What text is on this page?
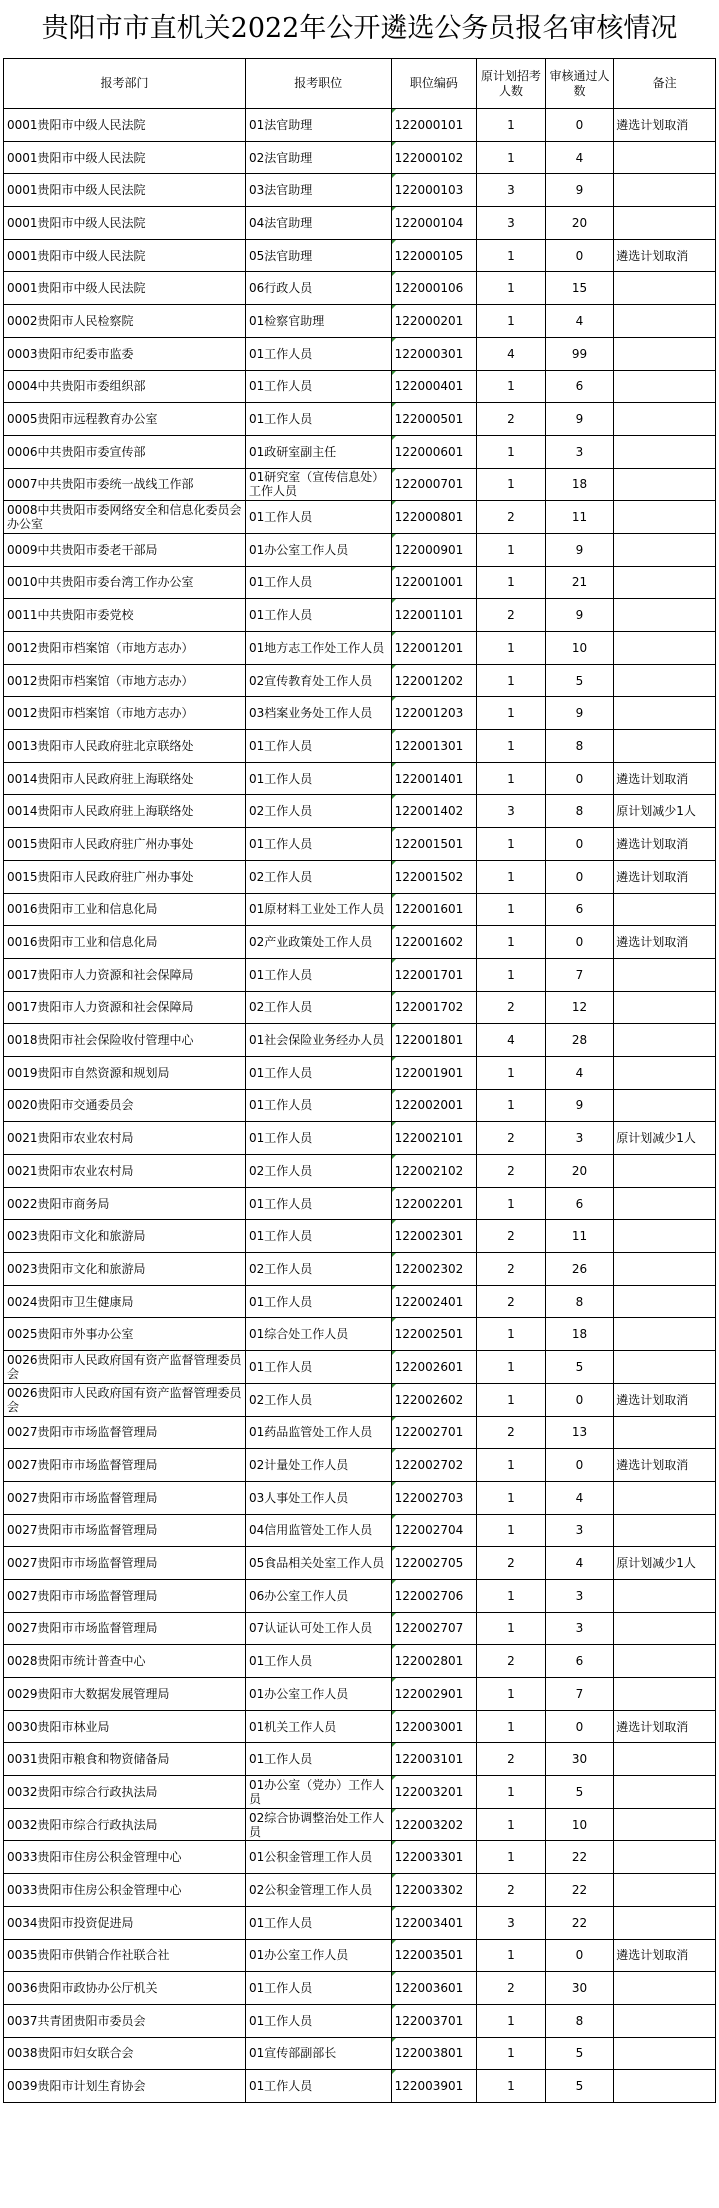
贵阳市市直机关2022年公开遴选公务员报名审核情况
报考部门	报考职位	职位编码	原计划招考人数	审核通过人数	备注
0001贵阳市中级人民法院	01法官助理	122000101	1	0	遴选计划取消
0001贵阳市中级人民法院	02法官助理	122000102	1	4	
0001贵阳市中级人民法院	03法官助理	122000103	3	9	
0001贵阳市中级人民法院	04法官助理	122000104	3	20	
0001贵阳市中级人民法院	05法官助理	122000105	1	0	遴选计划取消
0001贵阳市中级人民法院	06行政人员	122000106	1	15	
0002贵阳市人民检察院	01检察官助理	122000201	1	4	
0003贵阳市纪委市监委	01工作人员	122000301	4	99	
0004中共贵阳市委组织部	01工作人员	122000401	1	6	
0005贵阳市远程教育办公室	01工作人员	122000501	2	9	
0006中共贵阳市委宣传部	01政研室副主任	122000601	1	3	
0007中共贵阳市委统一战线工作部	01研究室（宣传信息处）工作人员	122000701	1	18	
0008中共贵阳市委网络安全和信息化委员会办公室	01工作人员	122000801	2	11	
0009中共贵阳市委老干部局	01办公室工作人员	122000901	1	9	
0010中共贵阳市委台湾工作办公室	01工作人员	122001001	1	21	
0011中共贵阳市委党校	01工作人员	122001101	2	9	
0012贵阳市档案馆（市地方志办）	01地方志工作处工作人员	122001201	1	10	
0012贵阳市档案馆（市地方志办）	02宣传教育处工作人员	122001202	1	5	
0012贵阳市档案馆（市地方志办）	03档案业务处工作人员	122001203	1	9	
0013贵阳市人民政府驻北京联络处	01工作人员	122001301	1	8	
0014贵阳市人民政府驻上海联络处	01工作人员	122001401	1	0	遴选计划取消
0014贵阳市人民政府驻上海联络处	02工作人员	122001402	3	8	原计划减少1人
0015贵阳市人民政府驻广州办事处	01工作人员	122001501	1	0	遴选计划取消
0015贵阳市人民政府驻广州办事处	02工作人员	122001502	1	0	遴选计划取消
0016贵阳市工业和信息化局	01原材料工业处工作人员	122001601	1	6	
0016贵阳市工业和信息化局	02产业政策处工作人员	122001602	1	0	遴选计划取消
0017贵阳市人力资源和社会保障局	01工作人员	122001701	1	7	
0017贵阳市人力资源和社会保障局	02工作人员	122001702	2	12	
0018贵阳市社会保险收付管理中心	01社会保险业务经办人员	122001801	4	28	
0019贵阳市自然资源和规划局	01工作人员	122001901	1	4	
0020贵阳市交通委员会	01工作人员	122002001	1	9	
0021贵阳市农业农村局	01工作人员	122002101	2	3	原计划减少1人
0021贵阳市农业农村局	02工作人员	122002102	2	20	
0022贵阳市商务局	01工作人员	122002201	1	6	
0023贵阳市文化和旅游局	01工作人员	122002301	2	11	
0023贵阳市文化和旅游局	02工作人员	122002302	2	26	
0024贵阳市卫生健康局	01工作人员	122002401	2	8	
0025贵阳市外事办公室	01综合处工作人员	122002501	1	18	
0026贵阳市人民政府国有资产监督管理委员会	01工作人员	122002601	1	5	
0026贵阳市人民政府国有资产监督管理委员会	02工作人员	122002602	1	0	遴选计划取消
0027贵阳市市场监督管理局	01药品监管处工作人员	122002701	2	13	
0027贵阳市市场监督管理局	02计量处工作人员	122002702	1	0	遴选计划取消
0027贵阳市市场监督管理局	03人事处工作人员	122002703	1	4	
0027贵阳市市场监督管理局	04信用监管处工作人员	122002704	1	3	
0027贵阳市市场监督管理局	05食品相关处室工作人员	122002705	2	4	原计划减少1人
0027贵阳市市场监督管理局	06办公室工作人员	122002706	1	3	
0027贵阳市市场监督管理局	07认证认可处工作人员	122002707	1	3	
0028贵阳市统计普查中心	01工作人员	122002801	2	6	
0029贵阳市大数据发展管理局	01办公室工作人员	122002901	1	7	
0030贵阳市林业局	01机关工作人员	122003001	1	0	遴选计划取消
0031贵阳市粮食和物资储备局	01工作人员	122003101	2	30	
0032贵阳市综合行政执法局	01办公室（党办）工作人员	122003201	1	5	
0032贵阳市综合行政执法局	02综合协调整治处工作人员	122003202	1	10	
0033贵阳市住房公积金管理中心	01公积金管理工作人员	122003301	1	22	
0033贵阳市住房公积金管理中心	02公积金管理工作人员	122003302	2	22	
0034贵阳市投资促进局	01工作人员	122003401	3	22	
0035贵阳市供销合作社联合社	01办公室工作人员	122003501	1	0	遴选计划取消
0036贵阳市政协办公厅机关	01工作人员	122003601	2	30	
0037共青团贵阳市委员会	01工作人员	122003701	1	8	
0038贵阳市妇女联合会	01宣传部副部长	122003801	1	5	
0039贵阳市计划生育协会	01工作人员	122003901	1	5	
